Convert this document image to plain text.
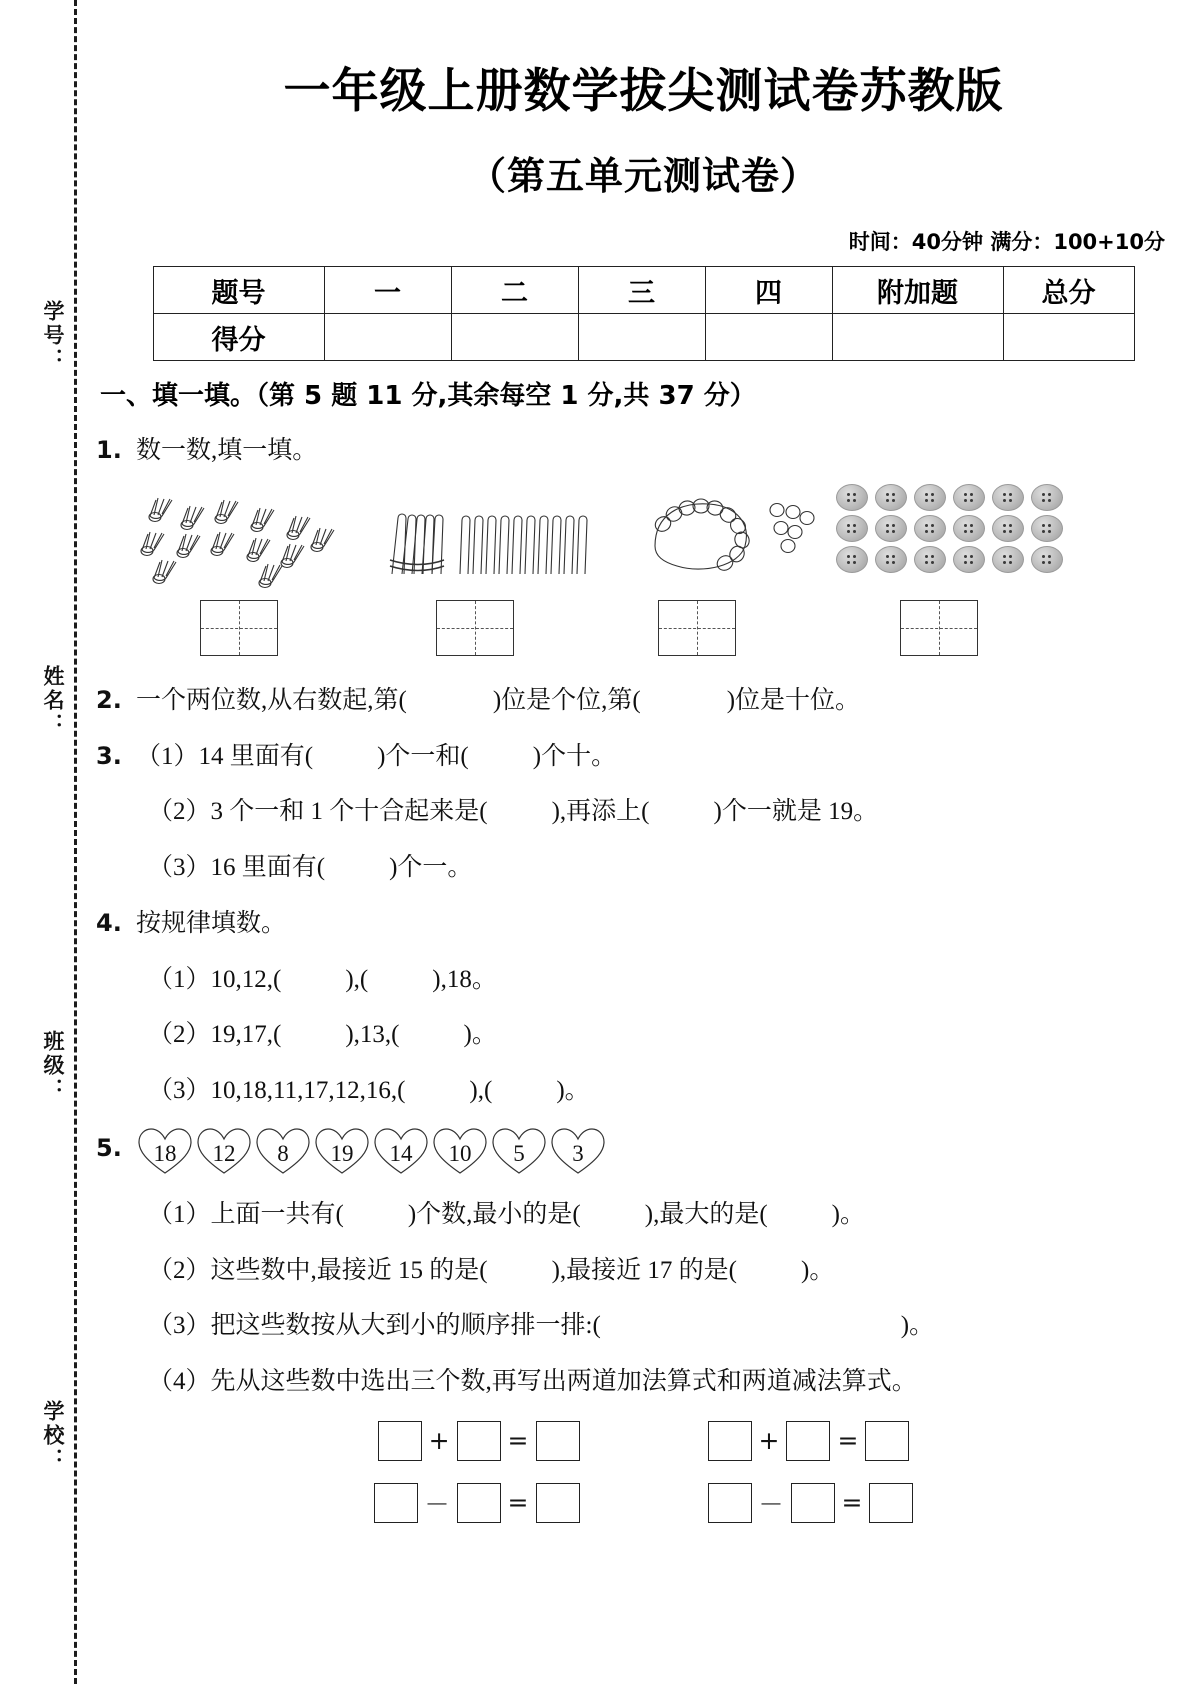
学号：
姓名：
班级：
学校：
一年级上册数学拔尖测试卷苏教版
（第五单元测试卷）
时间：40分钟 满分：100+10分
题号	一	二	三	四	附加题	总分
得分						
一、填一填。（第 5 题 11 分,其余每空 1 分,共 37 分）
1. 数一数,填一填。
2. 一个两位数,从右数起,第(	)位是个位,第(	)位是十位。
3. （1）14 里面有(	)个一和(	)个十。
（2）3 个一和 1 个十合起来是(	),再添上(	)个一就是 19。
（3）16 里面有(	)个一。
4. 按规律填数。
（1）10,12,(	),(	),18。
（2）19,17,(	),13,(	)。
（3）10,18,11,17,12,16,(	),(	)。
5.	18	12	8	19	14	10	5	3
（1）上面一共有(	)个数,最小的是(	),最大的是(	)。
（2）这些数中,最接近 15 的是(	),最接近 17 的是(	)。
（3）把这些数按从大到小的顺序排一排:(	)。
（4）先从这些数中选出三个数,再写出两道加法算式和两道减法算式。
+ =	+ =
－ =	－ =
